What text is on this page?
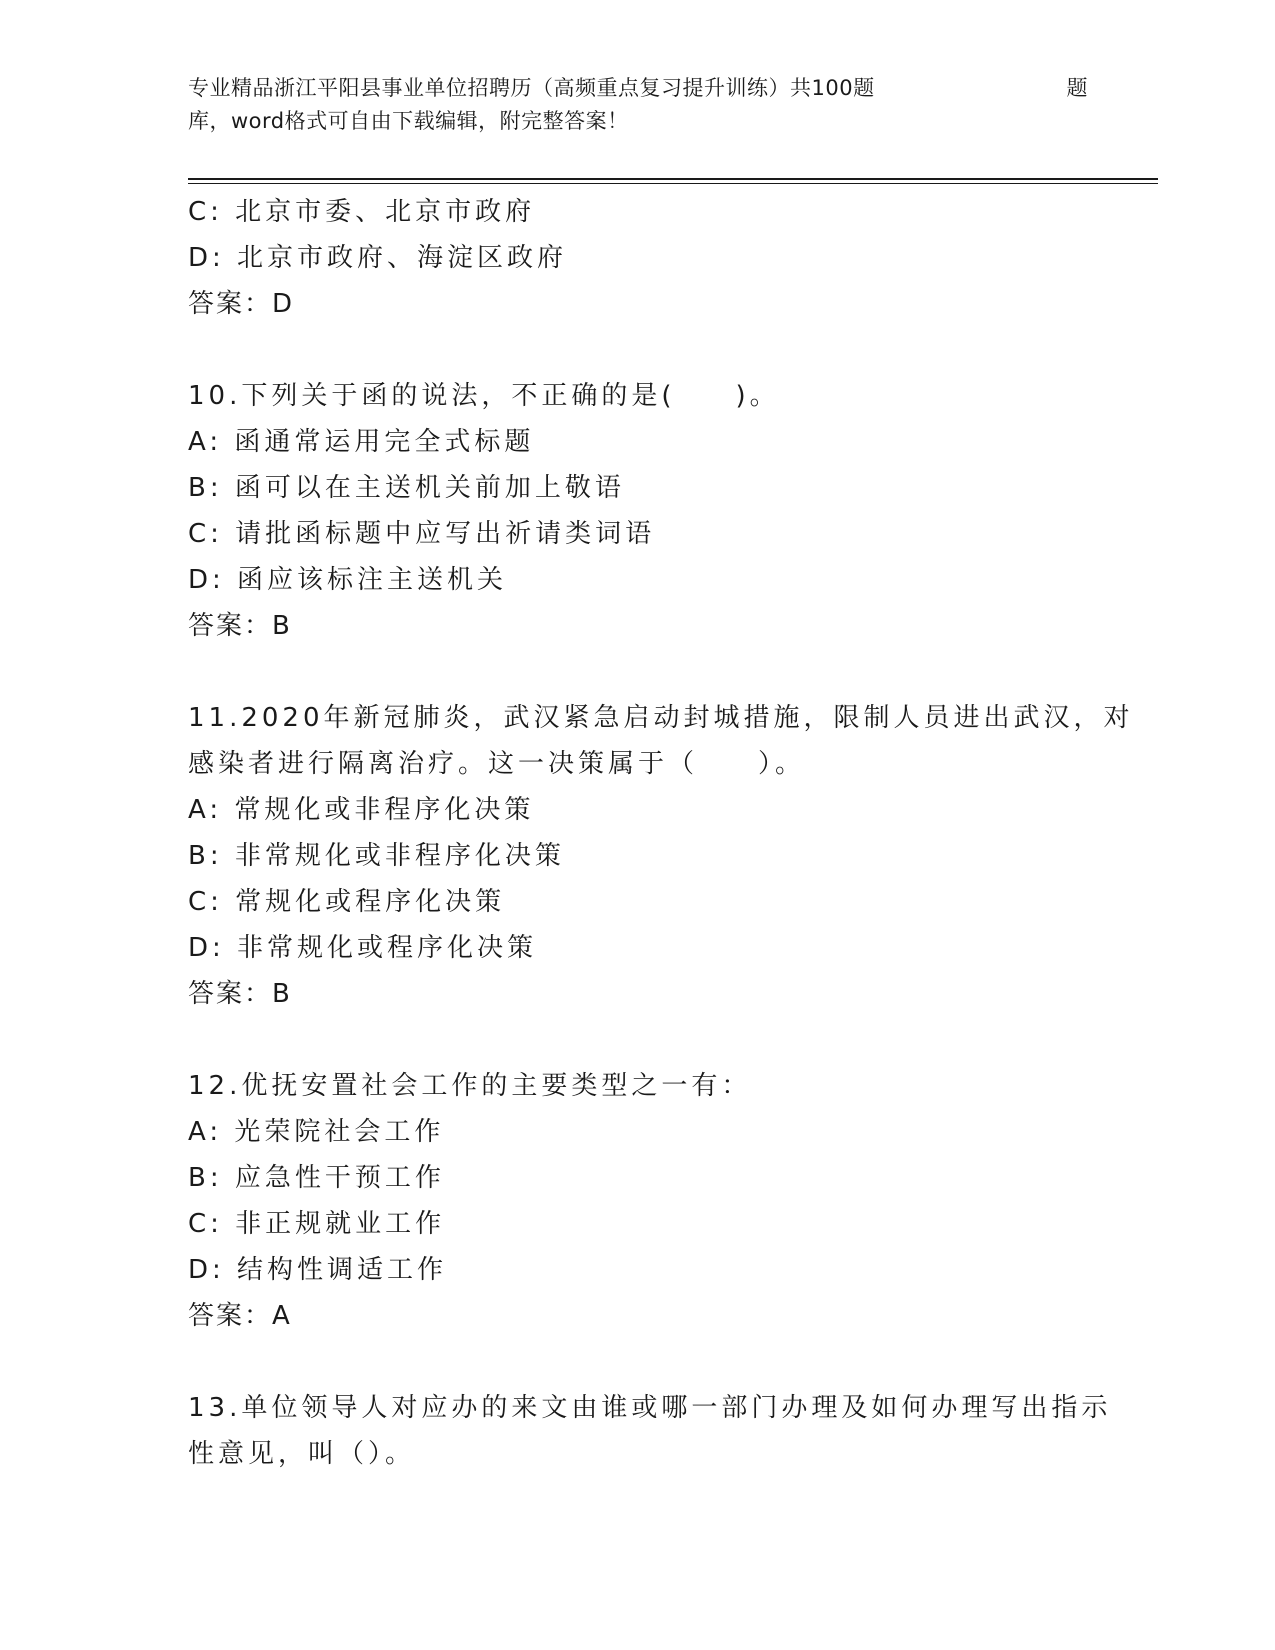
专业精品浙江平阳县事业单位招聘历（高频重点复习提升训练）共100题	题
库，word格式可自由下载编辑，附完整答案！
C: 北京市委、北京市政府
D: 北京市政府、海淀区政府
答案：D
10.下列关于函的说法，不正确的是(　　)。
A: 函通常运用完全式标题
B: 函可以在主送机关前加上敬语
C: 请批函标题中应写出祈请类词语
D: 函应该标注主送机关
答案：B
11.2020年新冠肺炎，武汉紧急启动封城措施，限制人员进出武汉，对
感染者进行隔离治疗。这一决策属于（　　）。
A: 常规化或非程序化决策
B: 非常规化或非程序化决策
C: 常规化或程序化决策
D: 非常规化或程序化决策
答案：B
12.优抚安置社会工作的主要类型之一有：
A: 光荣院社会工作
B: 应急性干预工作
C: 非正规就业工作
D: 结构性调适工作
答案：A
13.单位领导人对应办的来文由谁或哪一部门办理及如何办理写出指示
性意见，叫（）。
